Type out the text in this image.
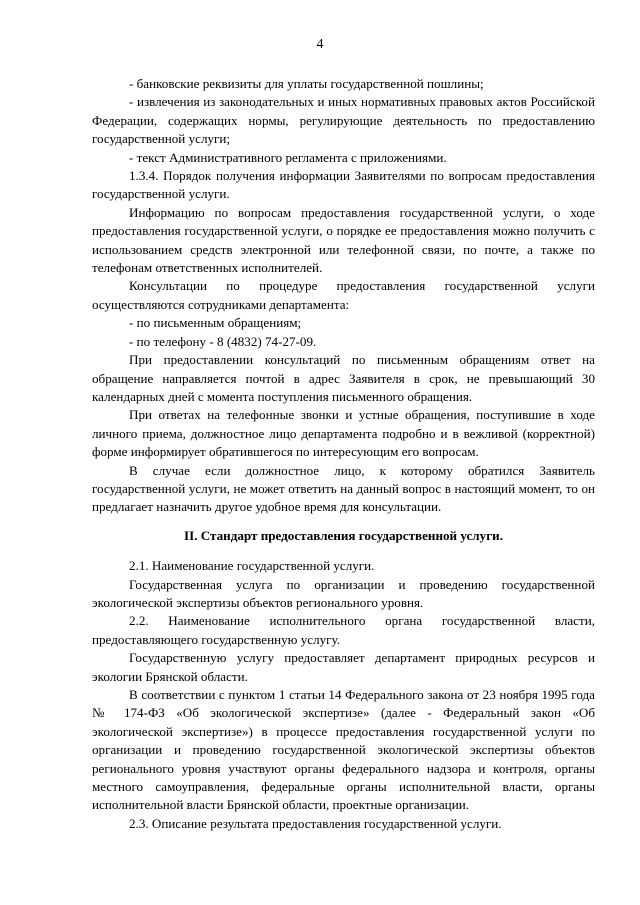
4

- банковские реквизиты для уплаты государственной пошлины;

- извлечения из законодательных и иных нормативных правовых актов Российской Федерации, содержащих нормы, регулирующие деятельность по предоставлению государственной услуги;

- текст Административного регламента с приложениями.

1.3.4. Порядок получения информации Заявителями по вопросам предоставления государственной услуги.

Информацию по вопросам предоставления государственной услуги, о ходе предоставления государственной услуги, о порядке ее предоставления можно получить с использованием средств электронной или телефонной связи, по почте, а также по телефонам ответственных исполнителей.

Консультации по процедуре предоставления государственной услуги осуществляются сотрудниками департамента:

- по письменным обращениям;

- по телефону - 8 (4832) 74-27-09.

При предоставлении консультаций по письменным обращениям ответ на обращение направляется почтой в адрес Заявителя в срок, не превышающий 30 календарных дней с момента поступления письменного обращения.

При ответах на телефонные звонки и устные обращения, поступившие в ходе личного приема, должностное лицо департамента подробно и в вежливой (корректной) форме информирует обратившегося по интересующим его вопросам.

В случае если должностное лицо, к которому обратился Заявитель государственной услуги, не может ответить на данный вопрос в настоящий момент, то он предлагает назначить другое удобное время для консультации.

II. Стандарт предоставления государственной услуги.

2.1. Наименование государственной услуги.

Государственная услуга по организации и проведению государственной экологической экспертизы объектов регионального уровня.

2.2. Наименование исполнительного органа государственной власти, предоставляющего государственную услугу.

Государственную услугу предоставляет департамент природных ресурсов и экологии Брянской области.

В соответствии с пунктом 1 статьи 14 Федерального закона от 23 ноября 1995 года № 174-ФЗ «Об экологической экспертизе» (далее - Федеральный закон «Об экологической экспертизе») в процессе предоставления государственной услуги по организации и проведению государственной экологической экспертизы объектов регионального уровня участвуют органы федерального надзора и контроля, органы местного самоуправления, федеральные органы исполнительной власти, органы исполнительной власти Брянской области, проектные организации.

2.3. Описание результата предоставления государственной услуги.
